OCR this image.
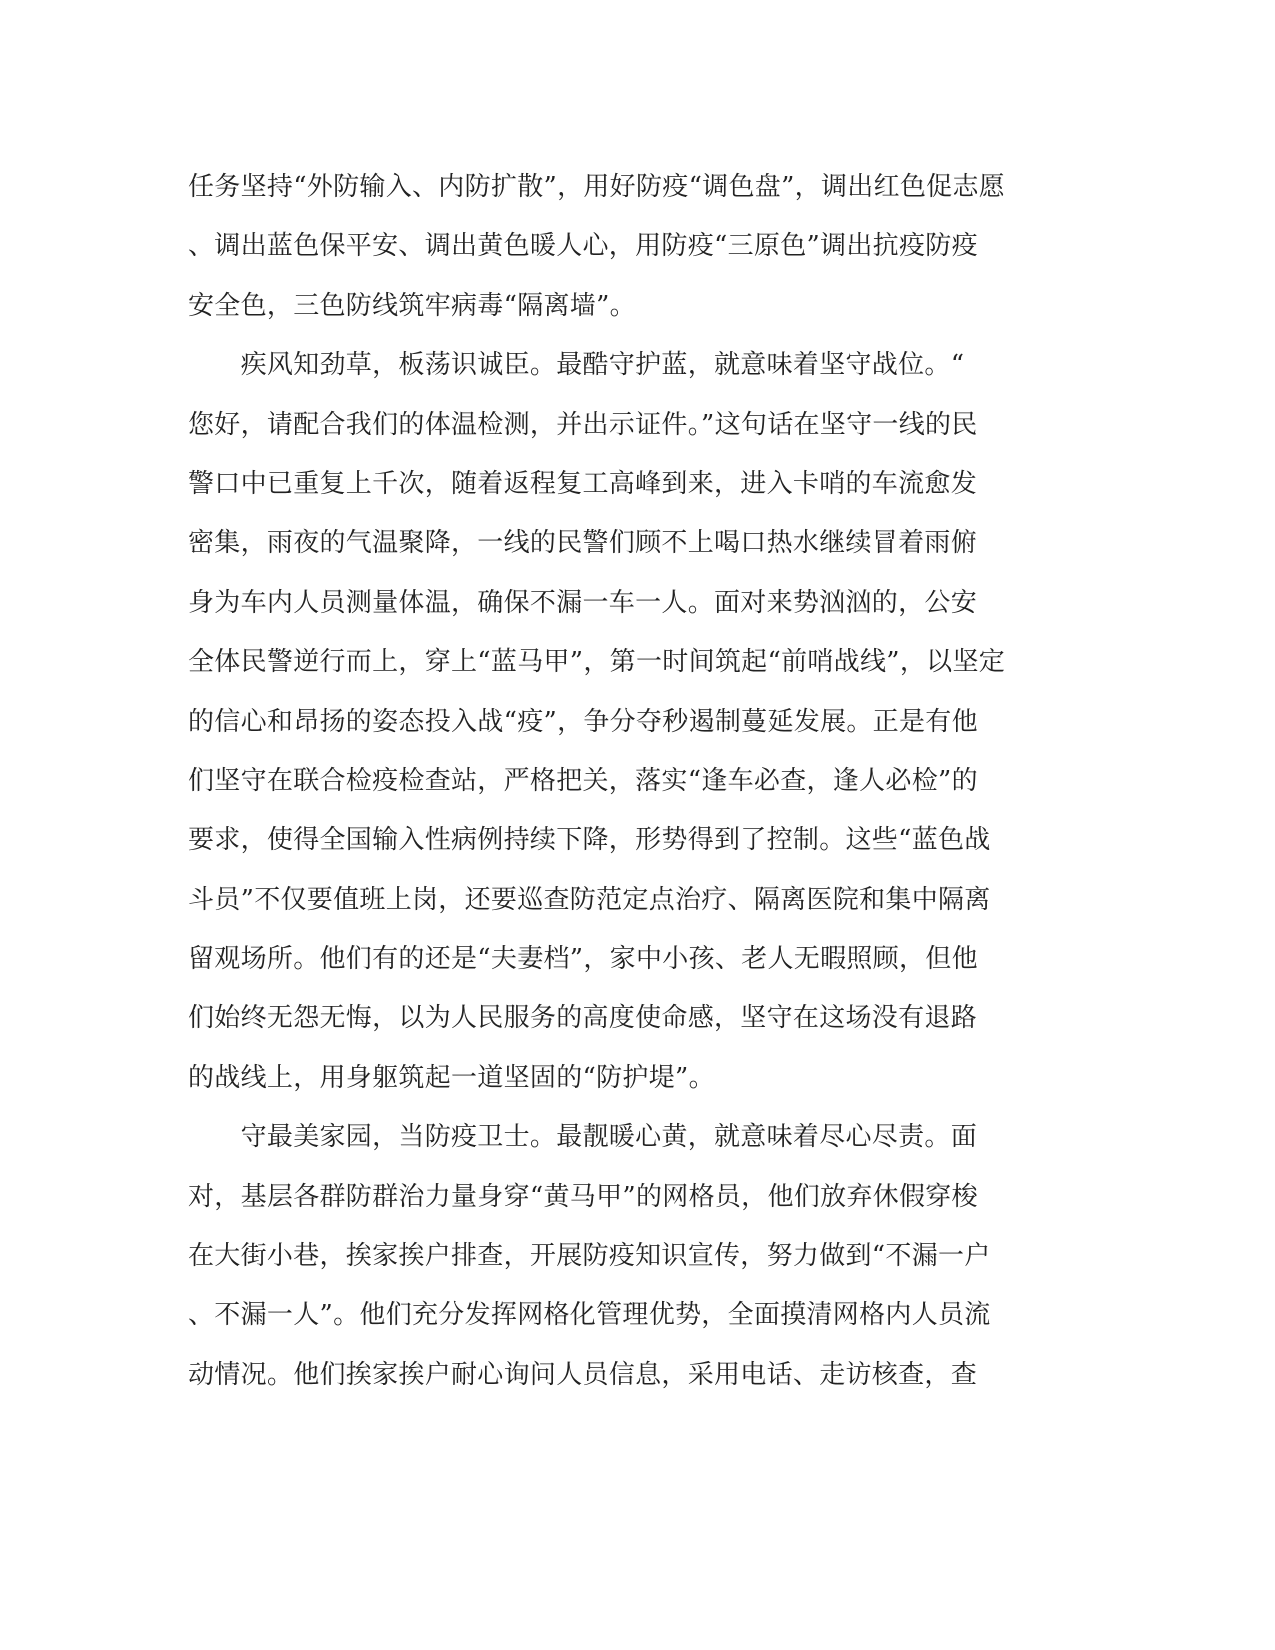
任务坚持“外防输入、内防扩散”，用好防疫“调色盘”，调出红色促志愿
、调出蓝色保平安、调出黄色暖人心，用防疫“三原色”调出抗疫防疫
安全色，三色防线筑牢病毒“隔离墙”。
　　疾风知劲草，板荡识诚臣。最酷守护蓝，就意味着坚守战位。“
您好，请配合我们的体温检测，并出示证件。”这句话在坚守一线的民
警口中已重复上千次，随着返程复工高峰到来，进入卡哨的车流愈发
密集，雨夜的气温聚降，一线的民警们顾不上喝口热水继续冒着雨俯
身为车内人员测量体温，确保不漏一车一人。面对来势汹汹的，公安
全体民警逆行而上，穿上“蓝马甲”，第一时间筑起“前哨战线”，以坚定
的信心和昂扬的姿态投入战“疫”，争分夺秒遏制蔓延发展。正是有他
们坚守在联合检疫检查站，严格把关，落实“逢车必查，逢人必检”的
要求，使得全国输入性病例持续下降，形势得到了控制。这些“蓝色战
斗员”不仅要值班上岗，还要巡查防范定点治疗、隔离医院和集中隔离
留观场所。他们有的还是“夫妻档”，家中小孩、老人无暇照顾，但他
们始终无怨无悔，以为人民服务的高度使命感，坚守在这场没有退路
的战线上，用身躯筑起一道坚固的“防护堤”。
　　守最美家园，当防疫卫士。最靓暖心黄，就意味着尽心尽责。面
对，基层各群防群治力量身穿“黄马甲”的网格员，他们放弃休假穿梭
在大街小巷，挨家挨户排查，开展防疫知识宣传，努力做到“不漏一户
、不漏一人”。他们充分发挥网格化管理优势，全面摸清网格内人员流
动情况。他们挨家挨户耐心询问人员信息，采用电话、走访核查，查
